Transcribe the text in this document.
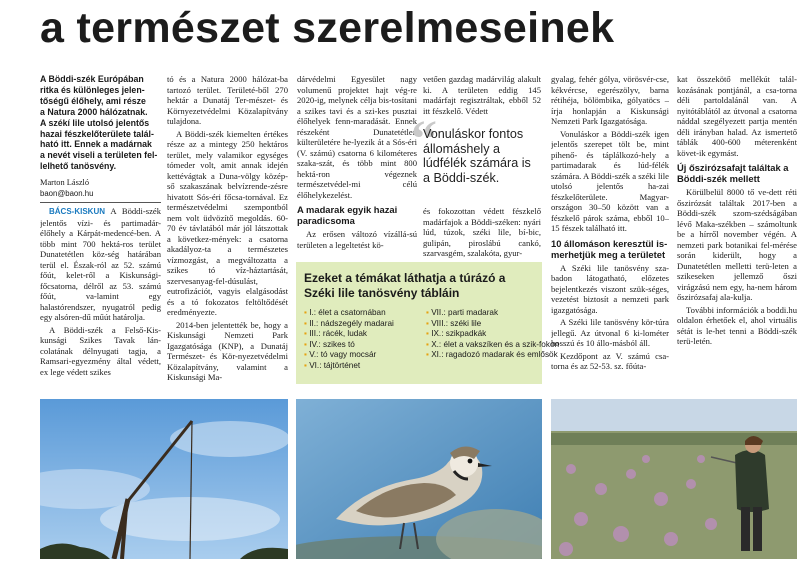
a természet szerelmeseinek

A Böddi-szék Európában

ritka és különleges jelen-

tőségű élőhely, ami része

a Natura 2000 hálózatnak.

A székí lile utolsó jelentős

hazai fészkelőterülete talál-

ható itt. Ennek a madárnak

a nevét viseli a területen fel-

lelhető tanösvény.

Marton László
baon@baon.hu

BÁCS-KISKUN A Böddi-szék jelentős vízi- és partimadár-élőhely a Kárpát-medencé-ben. A több mint 700 hektá-ros terület Dunatetétlen köz-ség határában terül el. Észak-ról az 52. számú főút, kelet-ről a Kiskunsági-főcsatorna, délről az 53. számú főút, va-lamint egy halastórendszer, nyugatról pedig egy alsóren-dű műút határolja.

A Böddi-szék a Felső-Kis-kunsági Szikes Tavak lán-colatának délnyugati tagja, a Ramsari-egyezmény által védett, ex lege védett szikes

tó és a Natura 2000 hálózat-ba tartozó terület. Területé-ből 270 hektár a Dunatáj Ter-mészet- és Környezetvédelmi Közalapítvány tulajdona.

A Böddi-szék kiemelten értékes része az a mintegy 250 hektáros terület, mely valamikor egységes tómeder volt, amit annak idején kettévágtak a Duna-völgy közép-ső szakaszának belvízrende-zésre hivatott Sós-éri főcsa-tornával. Ez természetvédelmi szempontból nem volt üdvözítő megoldás. 60-70 év távlatából már jól látszottak a következ-mények: a csatorna akadályoz-ta a természetes vízmozgást, a megváltozatta a szikes tó víz-háztartását, szervesanyag-fel-dúsulást, eutrofizációt, vagyis elalgásodást és a tó fokozatos feltöltődését eredményezte.

2014-ben jelentették be, hogy a Kiskunsági Nemzeti Park Igazgatósága (KNP), a Dunatáj Természet- és Kör-nyezetvédelmi Közalapítvány, valamint a Kiskunsági Ma-

dárvédelmi Egyesület nagy volumenű projektet hajt vég-re 2020-ig, melynek célja bis-tosítani a szikes tavi és a szi-kes pusztai élőhelyek fenn-maradását. Ennek részeként Dunatetétlen külterületére he-lyezik át a Sós-éri (V. számú) csatorna 6 kilométeres szaka-szát, és több mint 800 hektá-ron végeznek természetvédel-mi célú élőhelykezelést.

A madarak egyik hazai paradicsoma

Az erősen változó vízállá-sú területen a legeltetést kö-

vetően gazdag madárvilág alakult ki. A területen eddig 145 madárfajt regisztráltak, ebből 52 itt fészkelő. Védett

“
Vonuláskor fontos állomáshely a lúdfélék számára is a Böddi-szék.

és fokozottan védett fészkelő madárfajok a Böddi-széken: nyári lúd, túzok, széki lile, bí-bic, gulipán, piroslábú cankó, szarvasgém, szalakóta, gyur-

Ezeket a témákat láthatja a túrázó a Széki lile tanösvény tábláin
▪ I.: élet a csatornában
▪ II.: nádszegély madarai
▪ III.: rácék, ludak
▪ IV.: szikes tó
▪ V.: tó vagy mocsár
▪ VI.: tájtörténet
▪ VII.: parti madarak
▪ VIII.: széki lile
▪ IX.: szikpadkák
▪ X.: élet a vakszíken és a szik-fokon
▪ XI.: ragadozó madarak és emlősök

gyalag, fehér gólya, vörösvér-cse, kékvércse, egerészölyv, barna rétihéja, bölömbika, gólyatöcs – írja honlapján a Kiskunsági Nemzeti Park Igazgatósága.

Vonuláskor a Böddi-szék igen jelentős szerepet tölt be, mint pihenő- és táplálkozó-hely a partimadarak és lúd-félék számára. A Böddi-szék a széki lile utolsó jelentős ha-zai fészkelőterülete. Magyar-országon 30–50 között van a fészkelő párok száma, ebből 10–15 fészek található itt.

10 állomáson keresztül is-merhetjük meg a területet

A Széki lile tanösvény sza-badon látogatható, előzetes bejelentkezés viszont szük-séges, vezetést biztosít a nemzeti park igazgatósága.

A Széki lile tanösvény kör-túra jellegű. Az útvonal 6 ki-lométer hosszú és 10 állo-másból áll.

Kezdőpont az V. számú csa-torna és az 52-53. sz. főúta-

kat összekötő mellékút talál-kozásának pontjánál, a csa-torna déli partoldalánál van. A nyitótáblától az útvonal a csatorna náddal szegélyezett partja mentén déli irányban halad. Az ismertető táblák 400-600 méterenként követ-ik egymást.

Új őszirózsafajt találtak a Böddi-szék mellett

Körülbelül 8000 tő ve-dett réti őszirózsát találtak 2017-ben a Böddi-szék szom-szédságában lévő Maka-székben – számoltunk be a hírről november végén. A nemzeti park botanikai fel-mérése során kiderült, hogy a Dunatetétlen melletti terü-leten a szikeseken jellemző őszi virágzású nem egy, ha-nem három őszirózsafaj ala-kulja.

További információk a boddi.hu oldalon érhetőek el, ahol virtuális sétát is le-het tenni a Böddi-szék terü-letén.
